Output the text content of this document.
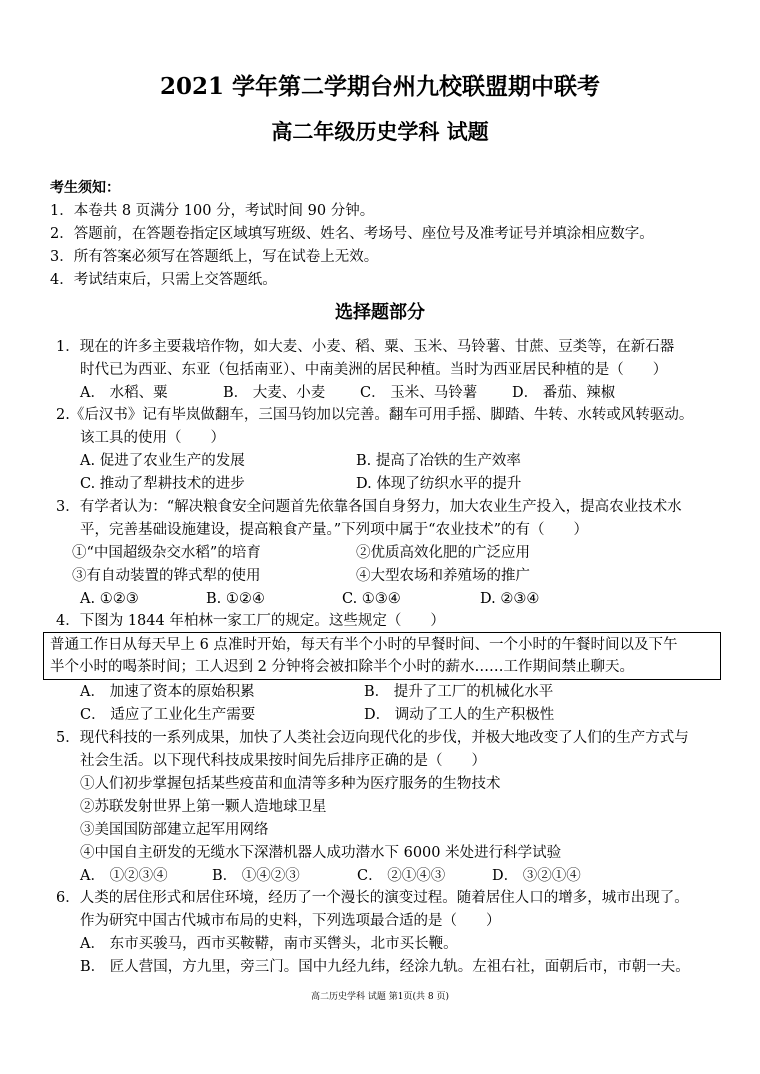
2021 学年第二学期台州九校联盟期中联考
高二年级历史学科 试题
考生须知：
1．本卷共 8 页满分 100 分，考试时间 90 分钟。
2．答题前，在答题卷指定区域填写班级、姓名、考场号、座位号及准考证号并填涂相应数字。
3．所有答案必须写在答题纸上，写在试卷上无效。
4．考试结束后，只需上交答题纸。
选择题部分
1．现在的许多主要栽培作物，如大麦、小麦、稻、粟、玉米、马铃薯、甘蔗、豆类等，在新石器
时代已为西亚、东亚（包括南亚）、中南美洲的居民种植。当时为西亚居民种植的是（　　）
A． 水稻、粟	B． 大麦、小麦 C． 玉米、马铃薯 D． 番茄、辣椒
2.《后汉书》记有毕岚做翻车，三国马钧加以完善。翻车可用手摇、脚踏、牛转、水转或风转驱动。
该工具的使用（　　）
A. 促进了农业生产的发展	B. 提高了冶铁的生产效率
C. 推动了犁耕技术的进步	D. 体现了纺织水平的提升
3．有学者认为：“解决粮食安全问题首先依靠各国自身努力，加大农业生产投入，提高农业技术水
平，完善基础设施建设，提高粮食产量。”下列项中属于“农业技术”的有（　　）
①“中国超级杂交水稻”的培育	②优质高效化肥的广泛应用
③有自动装置的铧式犁的使用	④大型农场和养殖场的推广
A. ①②③	B. ①②④	C. ①③④	D. ②③④
4．下图为 1844 年柏林一家工厂的规定。这些规定（　　）
普通工作日从每天早上 6 点准时开始，每天有半个小时的早餐时间、一个小时的午餐时间以及下午
半个小时的喝茶时间；工人迟到 2 分钟将会被扣除半个小时的薪水……工作期间禁止聊天。
A． 加速了资本的原始积累	B． 提升了工厂的机械化水平
C． 适应了工业化生产需要	D． 调动了工人的生产积极性
5．现代科技的一系列成果，加快了人类社会迈向现代化的步伐，并极大地改变了人们的生产方式与
社会生活。以下现代科技成果按时间先后排序正确的是（　　）
①人们初步掌握包括某些疫苗和血清等多种为医疗服务的生物技术
②苏联发射世界上第一颗人造地球卫星
③美国国防部建立起军用网络
④中国自主研发的无缆水下深潜机器人成功潜水下 6000 米处进行科学试验
A． ①②③④	B． ①④②③	C． ②①④③	D． ③②①④
6．人类的居住形式和居住环境，经历了一个漫长的演变过程。随着居住人口的增多，城市出现了。
作为研究中国古代城市布局的史料，下列选项最合适的是（　　）
A． 东市买骏马，西市买鞍鞯，南市买辔头，北市买长鞭。
B． 匠人营国，方九里，旁三门。国中九经九纬，经涂九轨。左祖右社，面朝后市，市朝一夫。
高二历史学科 试题 第1页(共 8 页)
